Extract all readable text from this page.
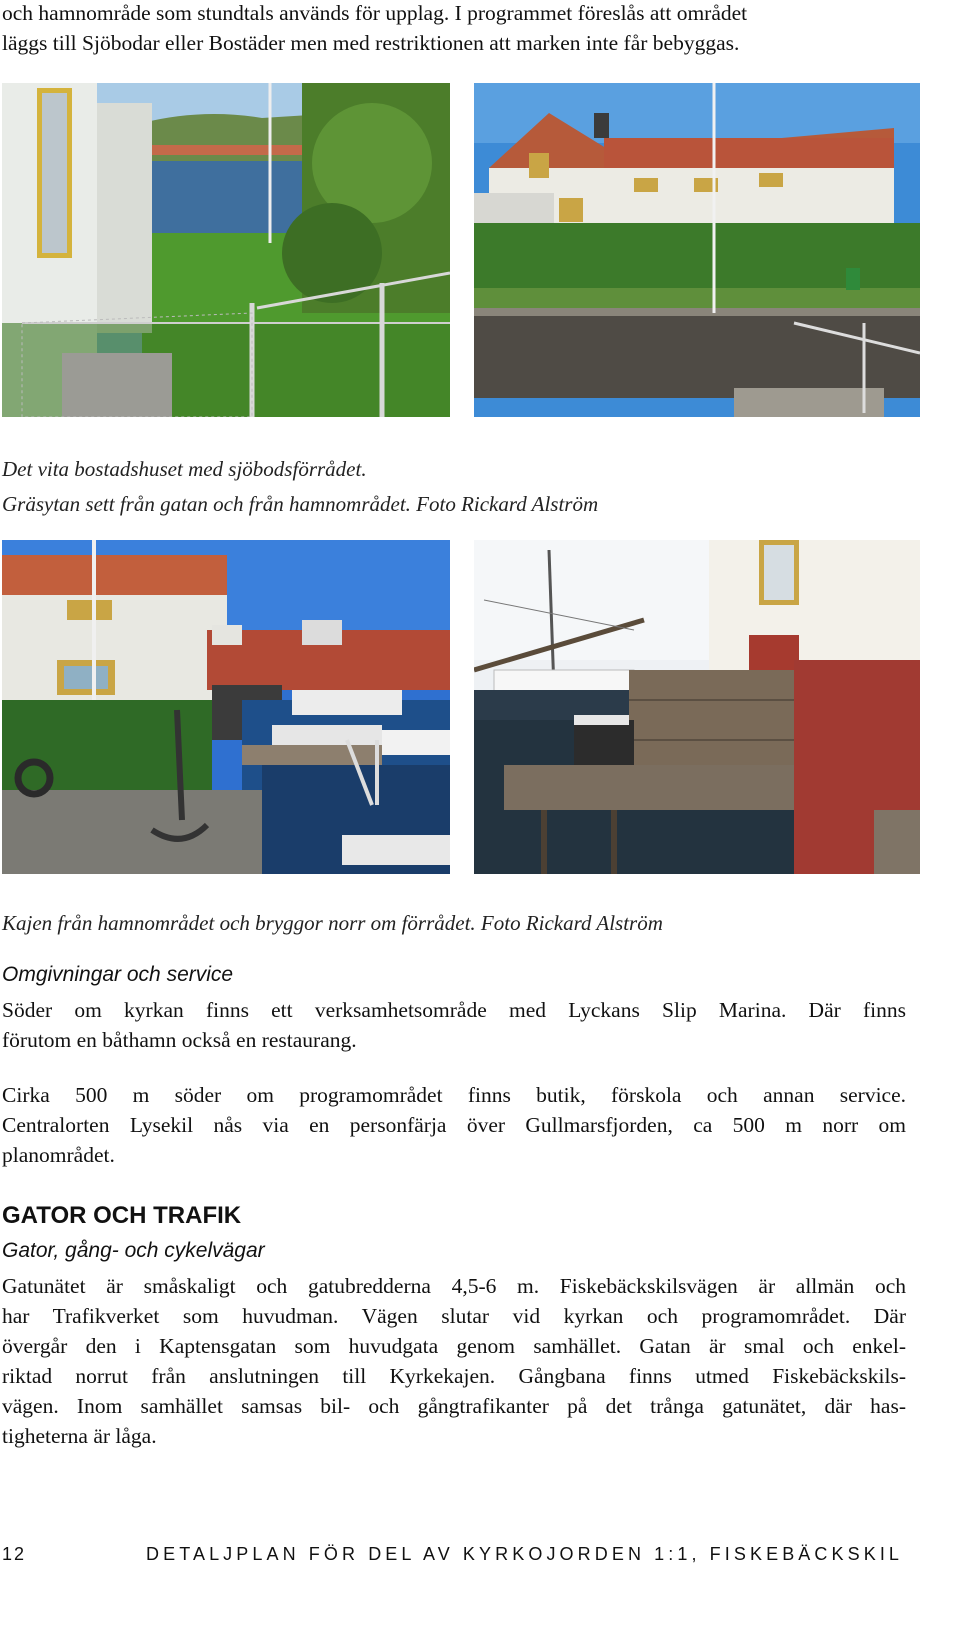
och hamnområde som stundtals används för upplag. I programmet föreslås att området
läggs till Sjöbodar eller Bostäder men med restriktionen att marken inte får bebyggas.
Det vita bostadshuset med sjöbodsförrådet.
Gräsytan sett från gatan och från hamnområdet. Foto Rickard Alström
Kajen från hamnområdet och bryggor norr om förrådet. Foto Rickard Alström
Omgivningar och service
Söder om kyrkan finns ett verksamhetsområde med Lyckans Slip Marina. Där finns
förutom en båthamn också en restaurang.
Cirka 500 m söder om programområdet finns butik, förskola och annan service.
Centralorten Lysekil nås via en personfärja över Gullmarsfjorden, ca 500 m norr om
planområdet.
GATOR OCH TRAFIK
Gator, gång- och cykelvägar
Gatunätet är småskaligt och gatubredderna 4,5-6 m. Fiskebäckskilsvägen är allmän och
har Trafikverket som huvudman. Vägen slutar vid kyrkan och programområdet. Där
övergår den i Kaptensgatan som huvudgata genom samhället. Gatan är smal och enkel-
riktad norrut från anslutningen till Kyrkekajen. Gångbana finns utmed Fiskebäckskils-
vägen. Inom samhället samsas bil- och gångtrafikanter på det trånga gatunätet, där has-
tigheterna är låga.
12	DETALJPLAN FÖR DEL AV KYRKOJORDEN 1:1, FISKEBÄCKSKIL
